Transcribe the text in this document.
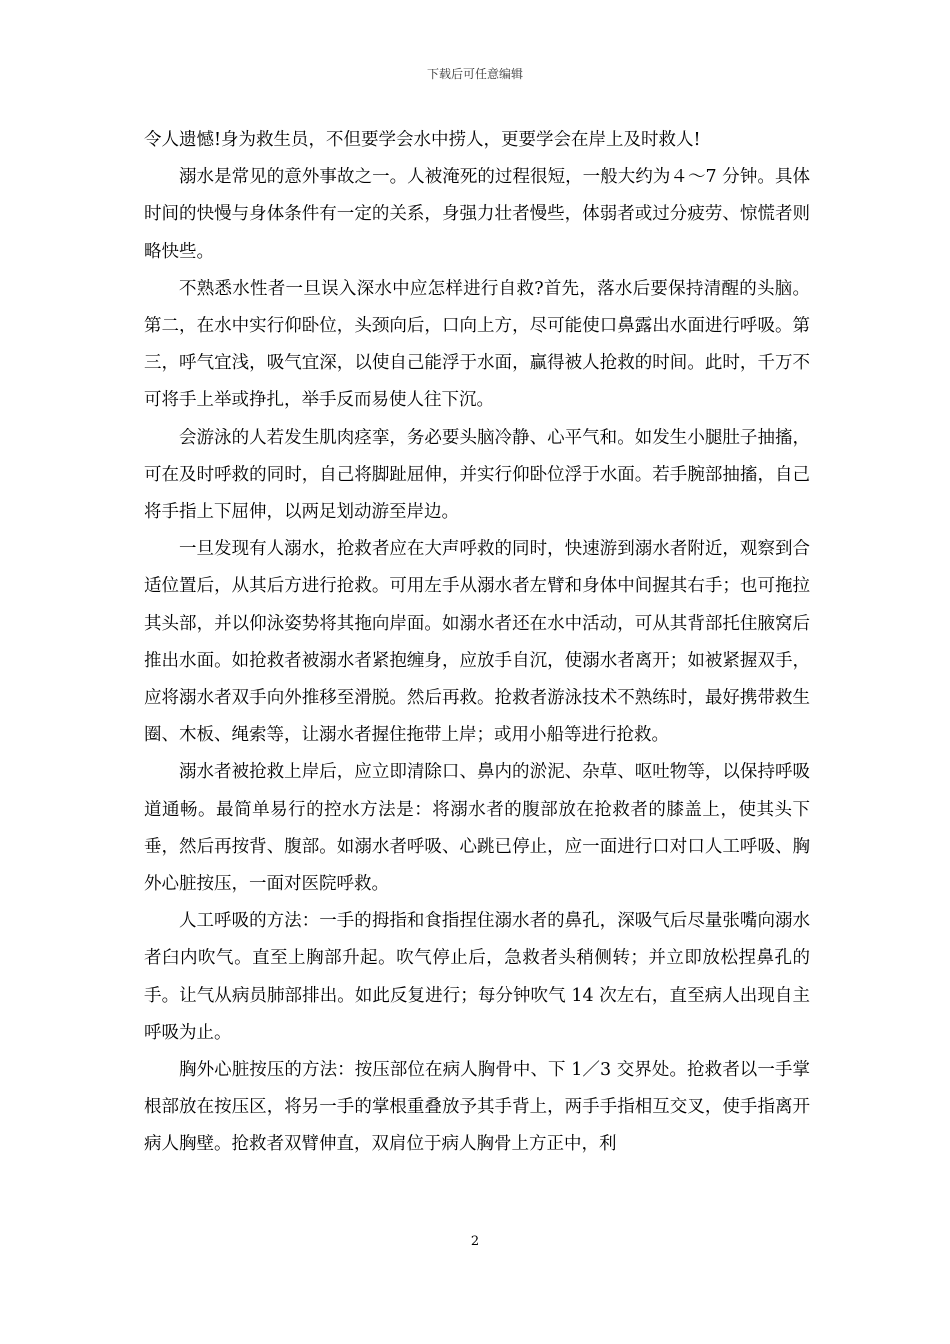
下载后可任意编辑

令人遗憾!身为救生员，不但要学会水中捞人，更要学会在岸上及时救人!

溺水是常见的意外事故之一。人被淹死的过程很短，一般大约为４～7 分钟。具体时间的快慢与身体条件有一定的关系，身强力壮者慢些，体弱者或过分疲劳、惊慌者则略快些。

不熟悉水性者一旦误入深水中应怎样进行自救?首先，落水后要保持清醒的头脑。第二，在水中实行仰卧位，头颈向后，口向上方，尽可能使口鼻露出水面进行呼吸。第三，呼气宜浅，吸气宜深，以使自己能浮于水面，赢得被人抢救的时间。此时，千万不可将手上举或挣扎，举手反而易使人往下沉。

会游泳的人若发生肌肉痉挛，务必要头脑冷静、心平气和。如发生小腿肚子抽搐，可在及时呼救的同时，自己将脚趾屈伸，并实行仰卧位浮于水面。若手腕部抽搐，自己将手指上下屈伸，以两足划动游至岸边。

一旦发现有人溺水，抢救者应在大声呼救的同时，快速游到溺水者附近，观察到合适位置后，从其后方进行抢救。可用左手从溺水者左臂和身体中间握其右手；也可拖拉其头部，并以仰泳姿势将其拖向岸面。如溺水者还在水中活动，可从其背部托住腋窝后推出水面。如抢救者被溺水者紧抱缠身，应放手自沉，使溺水者离开；如被紧握双手，应将溺水者双手向外推移至滑脱。然后再救。抢救者游泳技术不熟练时，最好携带救生圈、木板、绳索等，让溺水者握住拖带上岸；或用小船等进行抢救。

溺水者被抢救上岸后，应立即清除口、鼻内的淤泥、杂草、呕吐物等，以保持呼吸道通畅。最简单易行的控水方法是：将溺水者的腹部放在抢救者的膝盖上，使其头下垂，然后再按背、腹部。如溺水者呼吸、心跳已停止，应一面进行口对口人工呼吸、胸外心脏按压，一面对医院呼救。

人工呼吸的方法：一手的拇指和食指捏住溺水者的鼻孔，深吸气后尽量张嘴向溺水者臼内吹气。直至上胸部升起。吹气停止后，急救者头稍侧转；并立即放松捏鼻孔的手。让气从病员肺部排出。如此反复进行；每分钟吹气 14 次左右，直至病人出现自主呼吸为止。

胸外心脏按压的方法：按压部位在病人胸骨中、下 1／3 交界处。抢救者以一手掌根部放在按压区，将另一手的掌根重叠放予其手背上，两手手指相互交叉，使手指离开病人胸壁。抢救者双臂伸直，双肩位于病人胸骨上方正中，利

2
